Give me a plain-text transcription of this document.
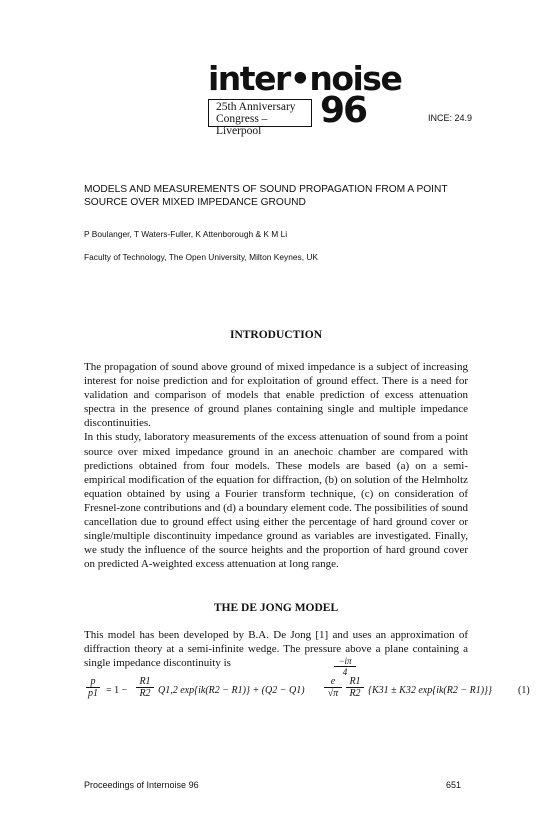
inter•noise
25th Anniversary
Congress – Liverpool	96	INCE: 24.9
MODELS AND MEASUREMENTS OF SOUND PROPAGATION FROM A POINT SOURCE OVER MIXED IMPEDANCE GROUND
P Boulanger, T Waters-Fuller, K Attenborough & K M Li
Faculty of Technology, The Open University, Milton Keynes, UK
INTRODUCTION

The propagation of sound above ground of mixed impedance is a subject of increasing interest for noise prediction and for exploitation of ground effect. There is a need for validation and comparison of models that enable prediction of excess attenuation spectra in the presence of ground planes containing single and multiple impedance discontinuities.

In this study, laboratory measurements of the excess attenuation of sound from a point source over mixed impedance ground in an anechoic chamber are compared with predictions obtained from four models. These models are based (a) on a semi-empirical modification of the equation for diffraction, (b) on solution of the Helmholtz equation obtained by using a Fourier transform technique, (c) on consideration of Fresnel-zone contributions and (d) a boundary element code. The possibilities of sound cancellation due to ground effect using either the percentage of hard ground cover or single/multiple discontinuity impedance ground as variables are investigated. Finally, we study the influence of the source heights and the proportion of hard ground cover on predicted A-weighted excess attenuation at long range.

THE DE JONG MODEL

This model has been developed by B.A. De Jong [1] and uses an approximation of diffraction theory at a semi-infinite wedge. The pressure above a plane containing a single impedance discontinuity is

$\frac{p}{p1} = 1 - \frac{R1}{R2} Q1,2$ exp{ik(R2 − R1)} + (Q2 − Q1)
$\frac{-i\pi}{4}$
$\frac{e}{√\pi} \frac{R1}{R2} \{K31 \pm K32$ exp{ik(R2 − R1)}}	(1)
Proceedings of Internoise 96	651
